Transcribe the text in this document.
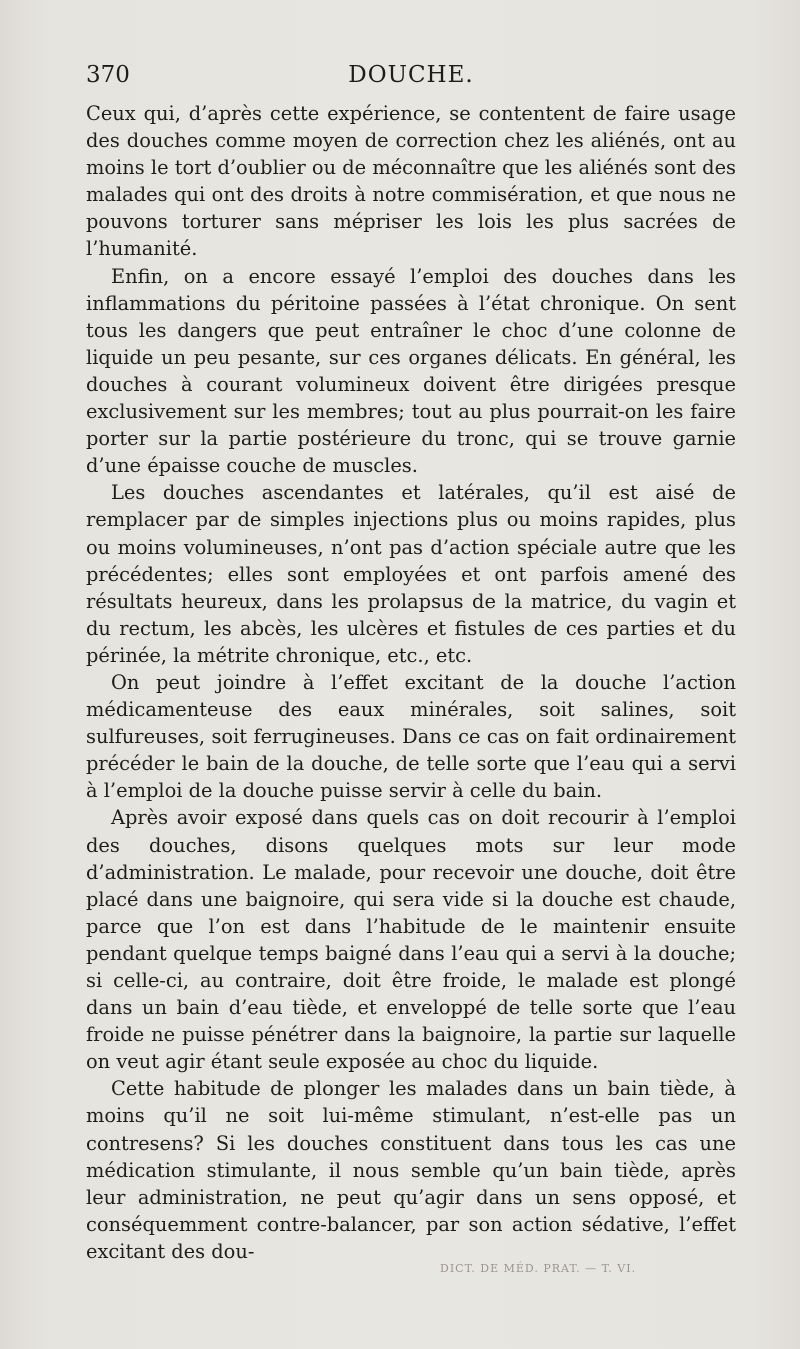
370	DOUCHE.

Ceux qui, d’après cette expérience, se contentent de faire usage des douches comme moyen de correction chez les aliénés, ont au moins le tort d’oublier ou de méconnaître que les aliénés sont des malades qui ont des droits à notre commisération, et que nous ne pouvons torturer sans mépriser les lois les plus sacrées de l’humanité.

Enfin, on a encore essayé l’emploi des douches dans les inflammations du péritoine passées à l’état chronique. On sent tous les dangers que peut entraîner le choc d’une colonne de liquide un peu pesante, sur ces organes délicats. En général, les douches à courant volumineux doivent être dirigées presque exclusivement sur les membres; tout au plus pourrait-on les faire porter sur la partie postérieure du tronc, qui se trouve garnie d’une épaisse couche de muscles.

Les douches ascendantes et latérales, qu’il est aisé de remplacer par de simples injections plus ou moins rapides, plus ou moins volumineuses, n’ont pas d’action spéciale autre que les précédentes; elles sont employées et ont parfois amené des résultats heureux, dans les prolapsus de la matrice, du vagin et du rectum, les abcès, les ulcères et fistules de ces parties et du périnée, la métrite chronique, etc., etc.

On peut joindre à l’effet excitant de la douche l’action médicamenteuse des eaux minérales, soit salines, soit sulfureuses, soit ferrugineuses. Dans ce cas on fait ordinairement précéder le bain de la douche, de telle sorte que l’eau qui a servi à l’emploi de la douche puisse servir à celle du bain.

Après avoir exposé dans quels cas on doit recourir à l’emploi des douches, disons quelques mots sur leur mode d’administration. Le malade, pour recevoir une douche, doit être placé dans une baignoire, qui sera vide si la douche est chaude, parce que l’on est dans l’habitude de le maintenir ensuite pendant quelque temps baigné dans l’eau qui a servi à la douche; si celle-ci, au contraire, doit être froide, le malade est plongé dans un bain d’eau tiède, et enveloppé de telle sorte que l’eau froide ne puisse pénétrer dans la baignoire, la partie sur laquelle on veut agir étant seule exposée au choc du liquide.

Cette habitude de plonger les malades dans un bain tiède, à moins qu’il ne soit lui-même stimulant, n’est-elle pas un contresens? Si les douches constituent dans tous les cas une médication stimulante, il nous semble qu’un bain tiède, après leur administration, ne peut qu’agir dans un sens opposé, et conséquemment contre-balancer, par son action sédative, l’effet excitant des dou-

DICT. DE MÉD. PRAT. — T. VI.
